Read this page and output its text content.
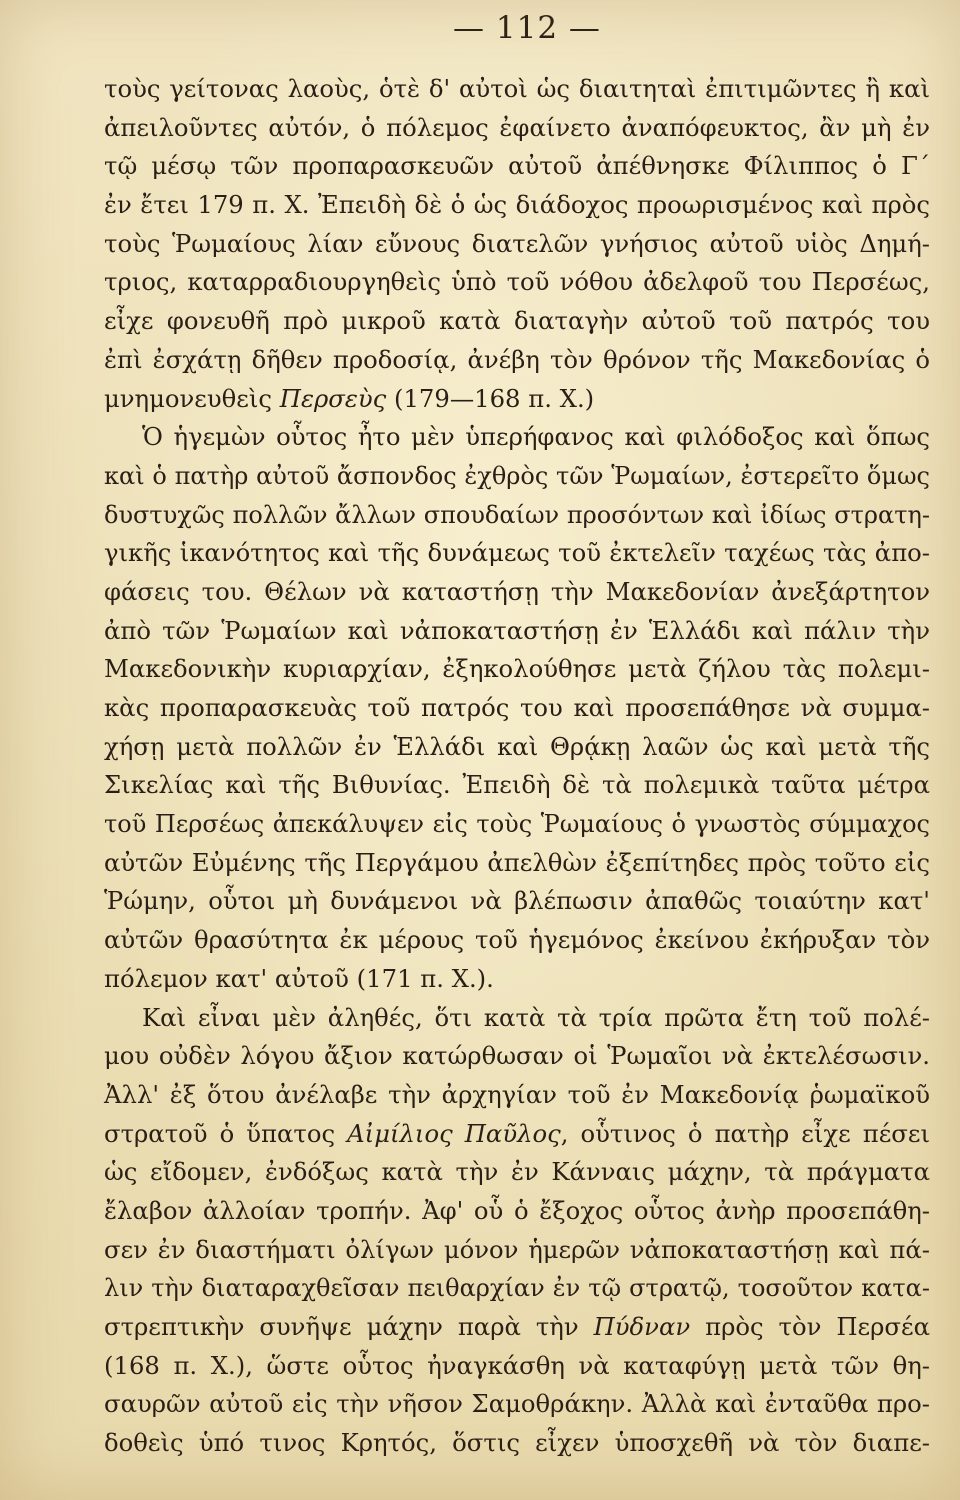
— 112 —
τοὺς γείτονας λαοὺς, ὁτὲ δ' αὐτοὶ ὡς διαιτηταὶ ἐπιτιμῶντες ἢ καὶ
ἀπειλοῦντες αὐτόν, ὁ πόλεμος ἐφαίνετο ἀναπόφευκτος, ἂν μὴ ἐν
τῷ μέσῳ τῶν προπαρασκευῶν αὐτοῦ ἀπέθνησκε Φίλιππος ὁ Γ΄
ἐν ἔτει 179 π. Χ. Ἐπειδὴ δὲ ὁ ὡς διάδοχος προωρισμένος καὶ πρὸς
τοὺς Ῥωμαίους λίαν εὔνους διατελῶν γνήσιος αὐτοῦ υἱὸς Δημή-
τριος, καταρραδιουργηθεὶς ὑπὸ τοῦ νόθου ἀδελφοῦ του Περσέως,
εἶχε φονευθῆ πρὸ μικροῦ κατὰ διαταγὴν αὐτοῦ τοῦ πατρός του
ἐπὶ ἐσχάτῃ δῆθεν προδοσίᾳ, ἀνέβη τὸν θρόνον τῆς Μακεδονίας ὁ
μνημονευθεὶς Περσεὺς (179—168 π. Χ.)
Ὁ ἡγεμὼν οὗτος ἦτο μὲν ὑπερήφανος καὶ φιλόδοξος καὶ ὅπως
καὶ ὁ πατὴρ αὐτοῦ ἄσπονδος ἐχθρὸς τῶν Ῥωμαίων, ἐστερεῖτο ὅμως
δυστυχῶς πολλῶν ἄλλων σπουδαίων προσόντων καὶ ἰδίως στρατη-
γικῆς ἱκανότητος καὶ τῆς δυνάμεως τοῦ ἐκτελεῖν ταχέως τὰς ἀπο-
φάσεις του. Θέλων νὰ καταστήσῃ τὴν Μακεδονίαν ἀνεξάρτητον
ἀπὸ τῶν Ῥωμαίων καὶ νἀποκαταστήσῃ ἐν Ἑλλάδι καὶ πάλιν τὴν
Μακεδονικὴν κυριαρχίαν, ἐξηκολούθησε μετὰ ζήλου τὰς πολεμι-
κὰς προπαρασκευὰς τοῦ πατρός του καὶ προσεπάθησε νὰ συμμα-
χήσῃ μετὰ πολλῶν ἐν Ἑλλάδι καὶ Θρᾴκῃ λαῶν ὡς καὶ μετὰ τῆς
Σικελίας καὶ τῆς Βιθυνίας. Ἐπειδὴ δὲ τὰ πολεμικὰ ταῦτα μέτρα
τοῦ Περσέως ἀπεκάλυψεν εἰς τοὺς Ῥωμαίους ὁ γνωστὸς σύμμαχος
αὐτῶν Εὐμένης τῆς Περγάμου ἀπελθὼν ἐξεπίτηδες πρὸς τοῦτο εἰς
Ῥώμην, οὗτοι μὴ δυνάμενοι νὰ βλέπωσιν ἀπαθῶς τοιαύτην κατ'
αὐτῶν θρασύτητα ἐκ μέρους τοῦ ἡγεμόνος ἐκείνου ἐκήρυξαν τὸν
πόλεμον κατ' αὐτοῦ (171 π. Χ.).
Καὶ εἶναι μὲν ἀληθές, ὅτι κατὰ τὰ τρία πρῶτα ἔτη τοῦ πολέ-
μου οὐδὲν λόγου ἄξιον κατώρθωσαν οἱ Ῥωμαῖοι νὰ ἐκτελέσωσιν.
Ἀλλ' ἐξ ὅτου ἀνέλαβε τὴν ἀρχηγίαν τοῦ ἐν Μακεδονίᾳ ῥωμαϊκοῦ
στρατοῦ ὁ ὕπατος Αἰμίλιος Παῦλος, οὗτινος ὁ πατὴρ εἶχε πέσει
ὡς εἴδομεν, ἐνδόξως κατὰ τὴν ἐν Κάνναις μάχην, τὰ πράγματα
ἔλαβον ἀλλοίαν τροπήν. Ἀφ' οὗ ὁ ἔξοχος οὗτος ἀνὴρ προσεπάθη-
σεν ἐν διαστήματι ὀλίγων μόνον ἡμερῶν νἀποκαταστήσῃ καὶ πά-
λιν τὴν διαταραχθεῖσαν πειθαρχίαν ἐν τῷ στρατῷ, τοσοῦτον κατα-
στρεπτικὴν συνῆψε μάχην παρὰ τὴν Πύδναν πρὸς τὸν Περσέα
(168 π. Χ.), ὥστε οὗτος ἠναγκάσθη νὰ καταφύγῃ μετὰ τῶν θη-
σαυρῶν αὐτοῦ εἰς τὴν νῆσον Σαμοθράκην. Ἀλλὰ καὶ ἐνταῦθα προ-
δοθεὶς ὑπό τινος Κρητός, ὅστις εἶχεν ὑποσχεθῆ νὰ τὸν διαπε-
